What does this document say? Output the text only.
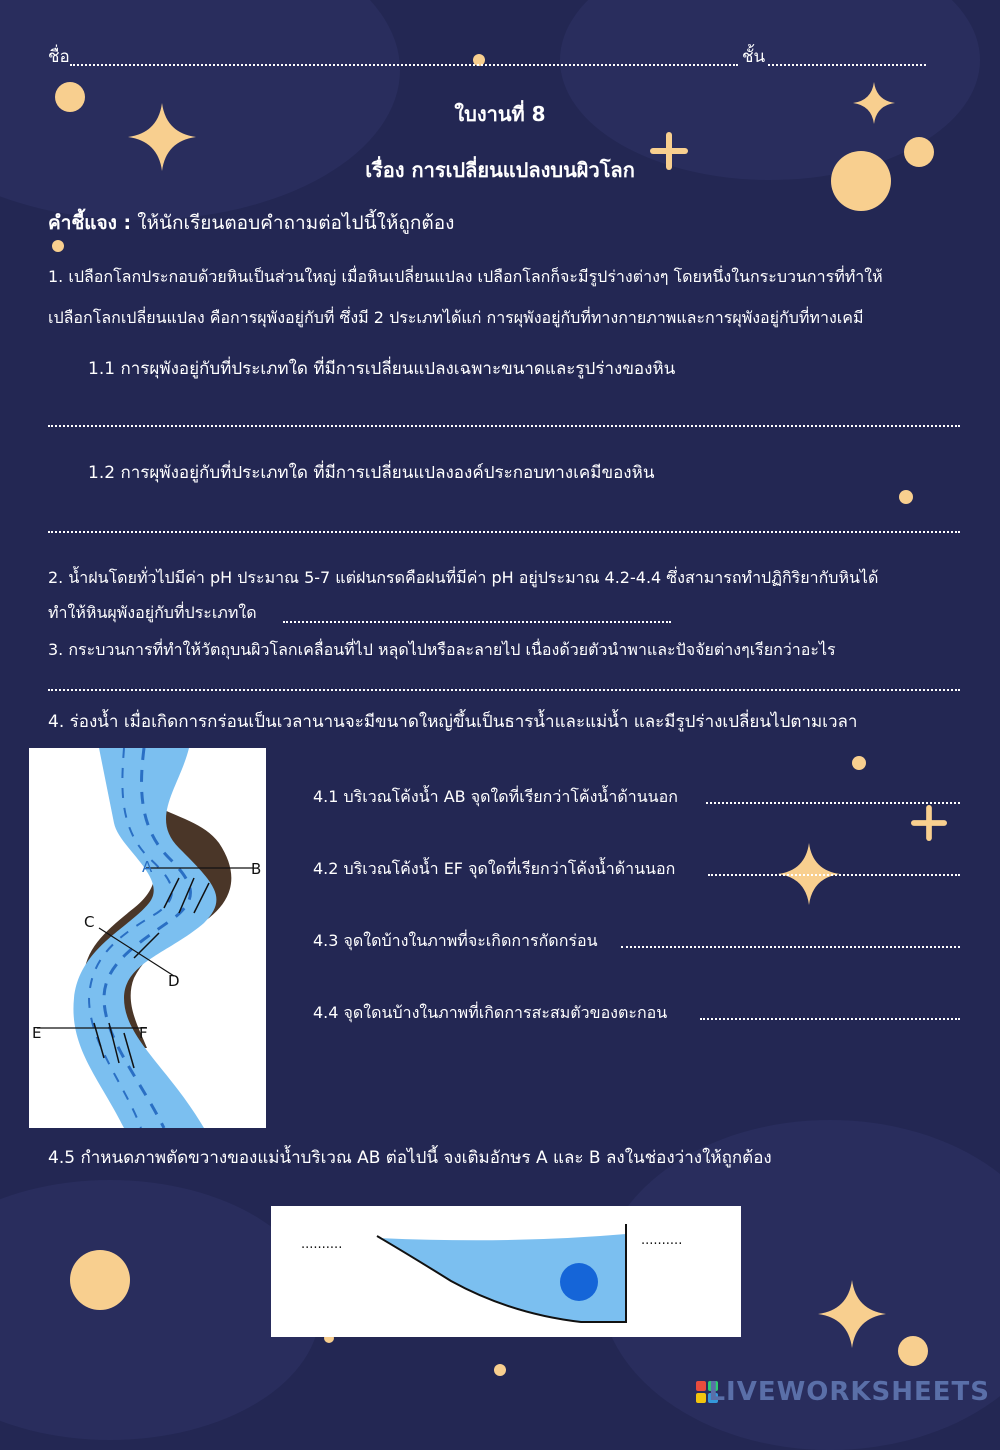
ชื่อ	ชั้น
ใบงานที่ 8
เรื่อง การเปลี่ยนแปลงบนผิวโลก
คำชี้แจง : ให้นักเรียนตอบคำถามต่อไปนี้ให้ถูกต้อง
1. เปลือกโลกประกอบด้วยหินเป็นส่วนใหญ่ เมื่อหินเปลี่ยนแปลง เปลือกโลกก็จะมีรูปร่างต่างๆ โดยหนึ่งในกระบวนการที่ทำให้
เปลือกโลกเปลี่ยนแปลง คือการผุพังอยู่กับที่ ซึ่งมี 2 ประเภทได้แก่ การผุพังอยู่กับที่ทางกายภาพและการผุพังอยู่กับที่ทางเคมี
1.1 การผุพังอยู่กับที่ประเภทใด ที่มีการเปลี่ยนแปลงเฉพาะขนาดและรูปร่างของหิน
1.2 การผุพังอยู่กับที่ประเภทใด ที่มีการเปลี่ยนแปลงองค์ประกอบทางเคมีของหิน
2. น้ำฝนโดยทั่วไปมีค่า pH ประมาณ 5-7 แต่ฝนกรดคือฝนที่มีค่า pH อยู่ประมาณ 4.2-4.4 ซึ่งสามารถทำปฏิกิริยากับหินได้
ทำให้หินผุพังอยู่กับที่ประเภทใด
3. กระบวนการที่ทำให้วัตถุบนผิวโลกเคลื่อนที่ไป หลุดไปหรือละลายไป เนื่องด้วยตัวนำพาและปัจจัยต่างๆเรียกว่าอะไร
4. ร่องน้ำ เมื่อเกิดการกร่อนเป็นเวลานานจะมีขนาดใหญ่ขึ้นเป็นธารน้ำและแม่น้ำ และมีรูปร่างเปลี่ยนไปตามเวลา
A	B
C
D
E	F
4.1 บริเวณโค้งน้ำ AB จุดใดที่เรียกว่าโค้งน้ำด้านนอก
4.2 บริเวณโค้งน้ำ EF จุดใดที่เรียกว่าโค้งน้ำด้านนอก
4.3 จุดใดบ้างในภาพที่จะเกิดการกัดกร่อน
4.4 จุดใดนบ้างในภาพที่เกิดการสะสมตัวของตะกอน
4.5 กำหนดภาพตัดขวางของแม่น้ำบริเวณ AB ต่อไปนี้ จงเติมอักษร A และ B ลงในช่องว่างให้ถูกต้อง
..........	..........
LIVEWORKSHEETS
